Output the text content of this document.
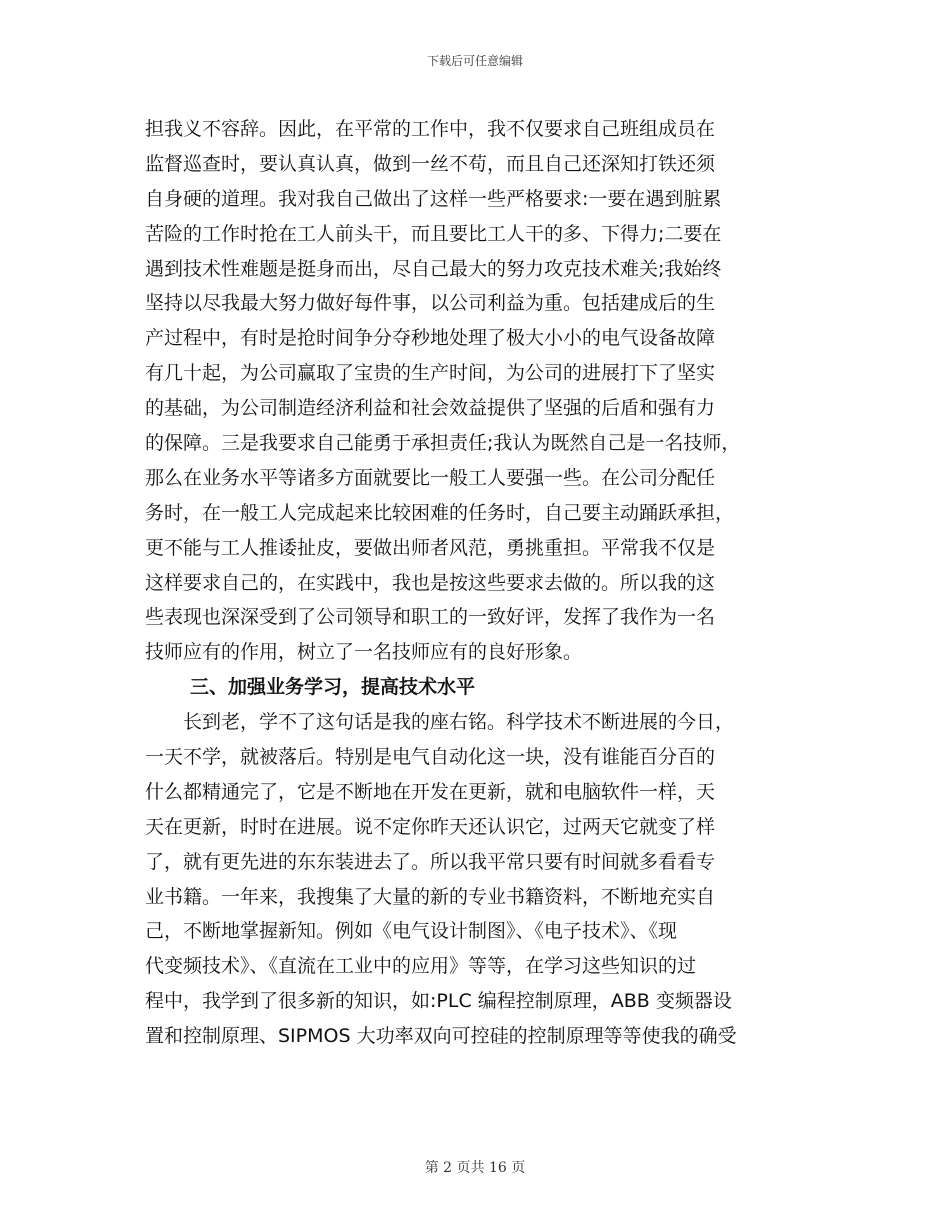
下载后可任意编辑
担我义不容辞。因此，在平常的工作中，我不仅要求自己班组成员在
监督巡查时，要认真认真，做到一丝不苟，而且自己还深知打铁还须
自身硬的道理。我对我自己做出了这样一些严格要求:一要在遇到脏累
苦险的工作时抢在工人前头干，而且要比工人干的多、下得力;二要在
遇到技术性难题是挺身而出，尽自己最大的努力攻克技术难关;我始终
坚持以尽我最大努力做好每件事，以公司利益为重。包括建成后的生
产过程中，有时是抢时间争分夺秒地处理了极大小小的电气设备故障
有几十起，为公司赢取了宝贵的生产时间，为公司的进展打下了坚实
的基础，为公司制造经济利益和社会效益提供了坚强的后盾和强有力
的保障。三是我要求自己能勇于承担责任;我认为既然自己是一名技师，
那么在业务水平等诸多方面就要比一般工人要强一些。在公司分配任
务时，在一般工人完成起来比较困难的任务时，自己要主动踊跃承担，
更不能与工人推诿扯皮，要做出师者风范，勇挑重担。平常我不仅是
这样要求自己的，在实践中，我也是按这些要求去做的。所以我的这
些表现也深深受到了公司领导和职工的一致好评，发挥了我作为一名
技师应有的作用，树立了一名技师应有的良好形象。
三、加强业务学习，提高技术水平
长到老，学不了这句话是我的座右铭。科学技术不断进展的今日，
一天不学，就被落后。特别是电气自动化这一块，没有谁能百分百的
什么都精通完了，它是不断地在开发在更新，就和电脑软件一样，天
天在更新，时时在进展。说不定你昨天还认识它，过两天它就变了样
了，就有更先进的东东装进去了。所以我平常只要有时间就多看看专
业书籍。一年来，我搜集了大量的新的专业书籍资料，不断地充实自
己，不断地掌握新知。例如《电气设计制图》、《电子技术》、《现
代变频技术》、《直流在工业中的应用》等等，在学习这些知识的过
程中，我学到了很多新的知识，如:PLC 编程控制原理，ABB 变频器设
置和控制原理、SIPMOS 大功率双向可控硅的控制原理等等使我的确受
第 2 页共 16 页
